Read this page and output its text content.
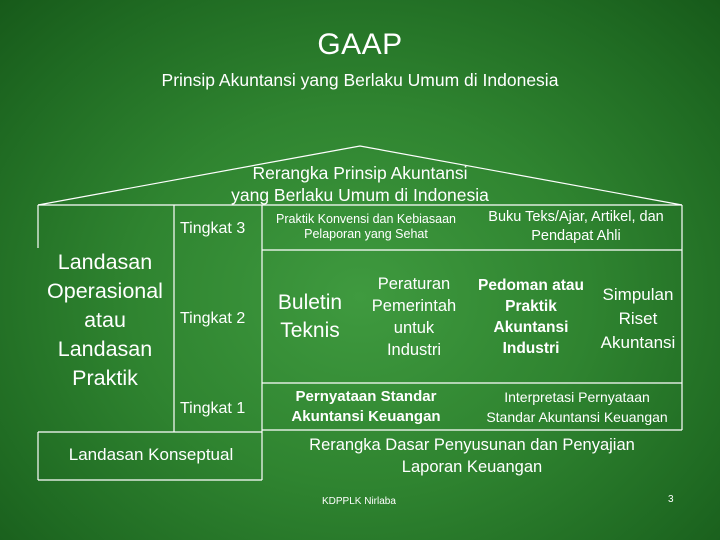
GAAP
Prinsip Akuntansi yang Berlaku Umum di Indonesia
Rerangka Prinsip Akuntansi
yang Berlaku Umum di Indonesia
Landasan
Operasional
atau
Landasan
Praktik
Tingkat 3
Tingkat 2
Tingkat 1
Praktik Konvensi dan Kebiasaan
Pelaporan yang Sehat
Buku Teks/Ajar, Artikel, dan
Pendapat Ahli
Buletin
Teknis
Peraturan
Pemerintah
untuk
Industri
Pedoman atau
Praktik
Akuntansi
Industri
Simpulan
Riset
Akuntansi
Pernyataan Standar
Akuntansi Keuangan
Interpretasi Pernyataan
Standar Akuntansi Keuangan
Landasan Konseptual	Rerangka Dasar Penyusunan dan Penyajian
Laporan Keuangan
KDPPLK Nirlaba	3
